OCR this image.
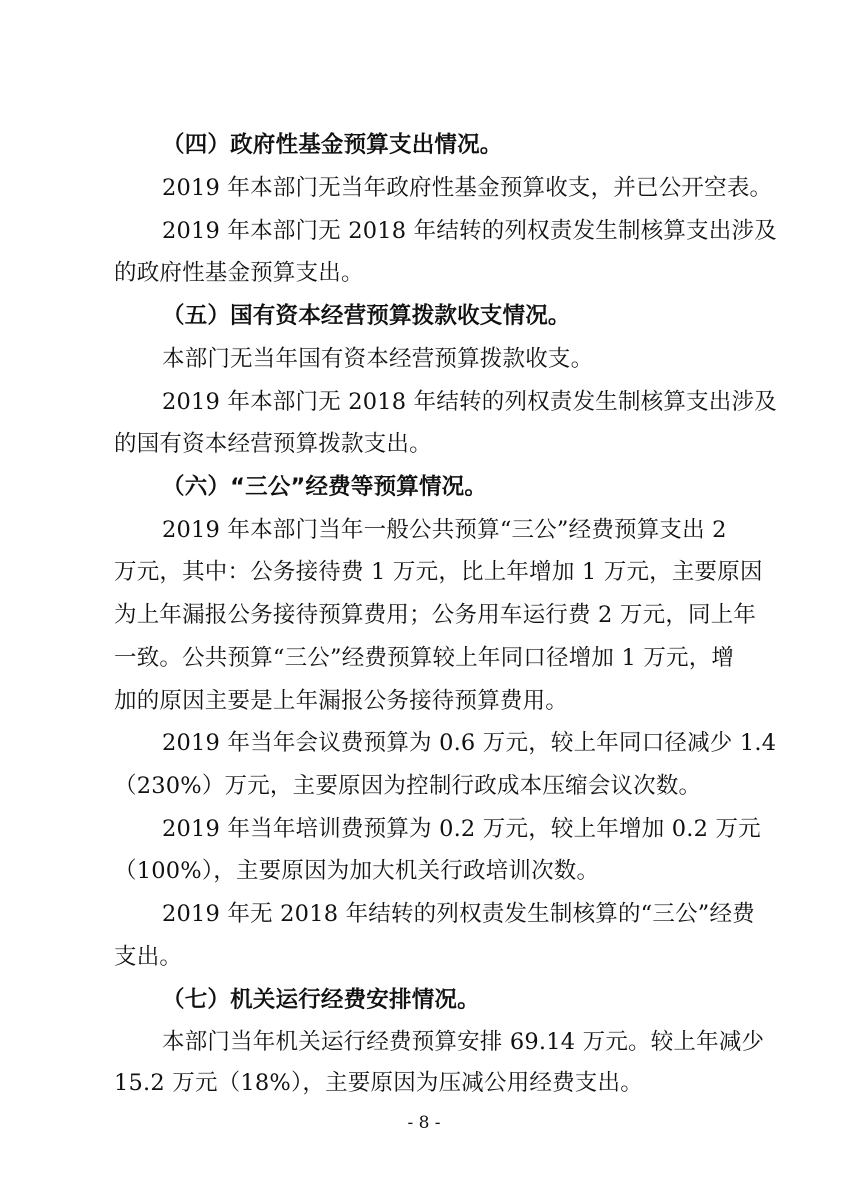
（四）政府性基金预算支出情况。
2019 年本部门无当年政府性基金预算收支，并已公开空表。
2019 年本部门无 2018 年结转的列权责发生制核算支出涉及
的政府性基金预算支出。
（五）国有资本经营预算拨款收支情况。
本部门无当年国有资本经营预算拨款收支。
2019 年本部门无 2018 年结转的列权责发生制核算支出涉及
的国有资本经营预算拨款支出。
（六）“三公”经费等预算情况。
2019 年本部门当年一般公共预算“三公”经费预算支出 2
万元，其中：公务接待费 1 万元，比上年增加 1 万元，主要原因
为上年漏报公务接待预算费用；公务用车运行费 2 万元，同上年
一致。公共预算“三公”经费预算较上年同口径增加 1 万元，增
加的原因主要是上年漏报公务接待预算费用。
2019 年当年会议费预算为 0.6 万元，较上年同口径减少 1.4
（230%）万元，主要原因为控制行政成本压缩会议次数。
2019 年当年培训费预算为 0.2 万元，较上年增加 0.2 万元
（100%），主要原因为加大机关行政培训次数。
2019 年无 2018 年结转的列权责发生制核算的“三公”经费
支出。
（七）机关运行经费安排情况。
本部门当年机关运行经费预算安排 69.14 万元。较上年减少
15.2 万元（18%），主要原因为压减公用经费支出。
- 8 -
